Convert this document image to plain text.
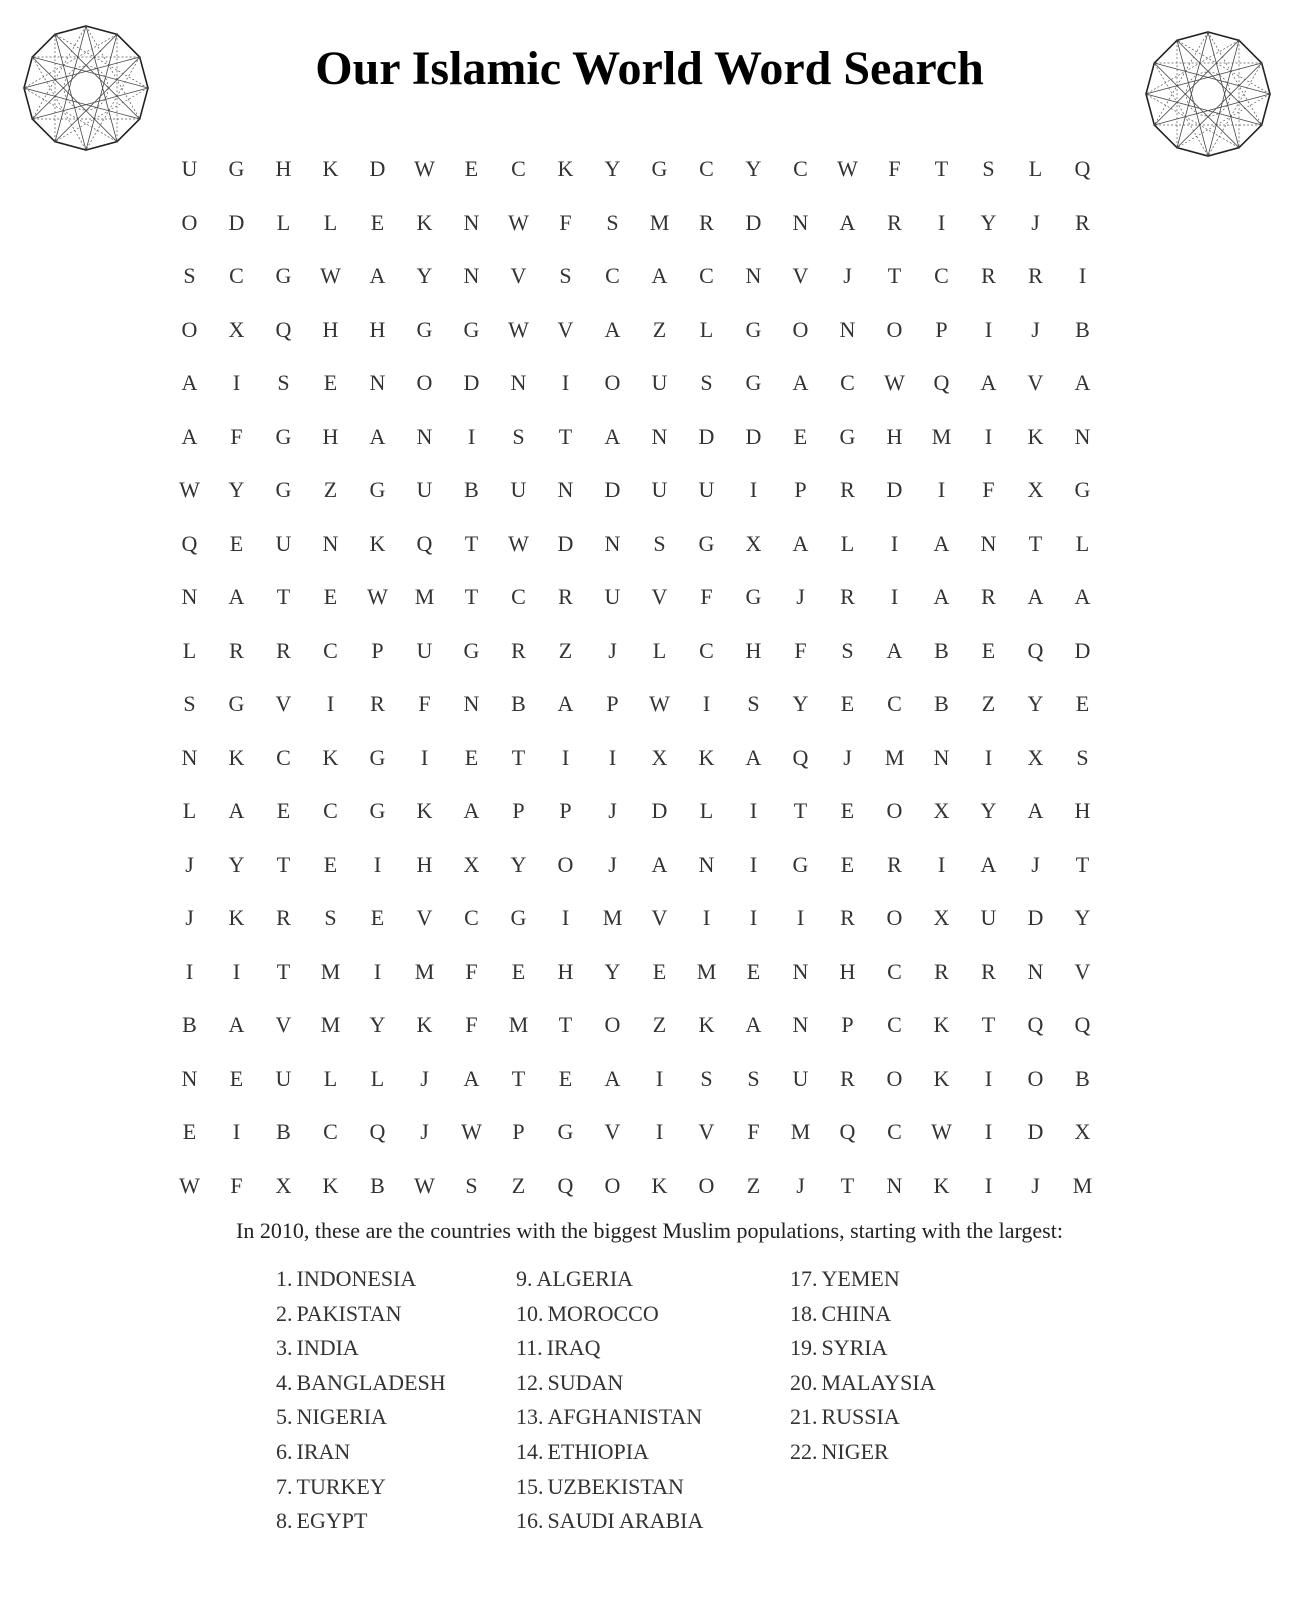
Our Islamic World Word Search
U	G	H	K	D	W	E	C	K	Y	G	C	Y	C	W	F	T	S	L	Q
O	D	L	L	E	K	N	W	F	S	M	R	D	N	A	R	I	Y	J	R
S	C	G	W	A	Y	N	V	S	C	A	C	N	V	J	T	C	R	R	I
O	X	Q	H	H	G	G	W	V	A	Z	L	G	O	N	O	P	I	J	B
A	I	S	E	N	O	D	N	I	O	U	S	G	A	C	W	Q	A	V	A
A	F	G	H	A	N	I	S	T	A	N	D	D	E	G	H	M	I	K	N
W	Y	G	Z	G	U	B	U	N	D	U	U	I	P	R	D	I	F	X	G
Q	E	U	N	K	Q	T	W	D	N	S	G	X	A	L	I	A	N	T	L
N	A	T	E	W	M	T	C	R	U	V	F	G	J	R	I	A	R	A	A
L	R	R	C	P	U	G	R	Z	J	L	C	H	F	S	A	B	E	Q	D
S	G	V	I	R	F	N	B	A	P	W	I	S	Y	E	C	B	Z	Y	E
N	K	C	K	G	I	E	T	I	I	X	K	A	Q	J	M	N	I	X	S
L	A	E	C	G	K	A	P	P	J	D	L	I	T	E	O	X	Y	A	H
J	Y	T	E	I	H	X	Y	O	J	A	N	I	G	E	R	I	A	J	T
J	K	R	S	E	V	C	G	I	M	V	I	I	I	R	O	X	U	D	Y
I	I	T	M	I	M	F	E	H	Y	E	M	E	N	H	C	R	R	N	V
B	A	V	M	Y	K	F	M	T	O	Z	K	A	N	P	C	K	T	Q	Q
N	E	U	L	L	J	A	T	E	A	I	S	S	U	R	O	K	I	O	B
E	I	B	C	Q	J	W	P	G	V	I	V	F	M	Q	C	W	I	D	X
W	F	X	K	B	W	S	Z	Q	O	K	O	Z	J	T	N	K	I	J	M
In 2010, these are the countries with the biggest Muslim populations, starting with the largest:
1. INDONESIA
2. PAKISTAN
3. INDIA
4. BANGLADESH
5. NIGERIA
6. IRAN
7. TURKEY
8. EGYPT
9. ALGERIA
10. MOROCCO
11. IRAQ
12. SUDAN
13. AFGHANISTAN
14. ETHIOPIA
15. UZBEKISTAN
16. SAUDI ARABIA
17. YEMEN
18. CHINA
19. SYRIA
20. MALAYSIA
21. RUSSIA
22. NIGER
